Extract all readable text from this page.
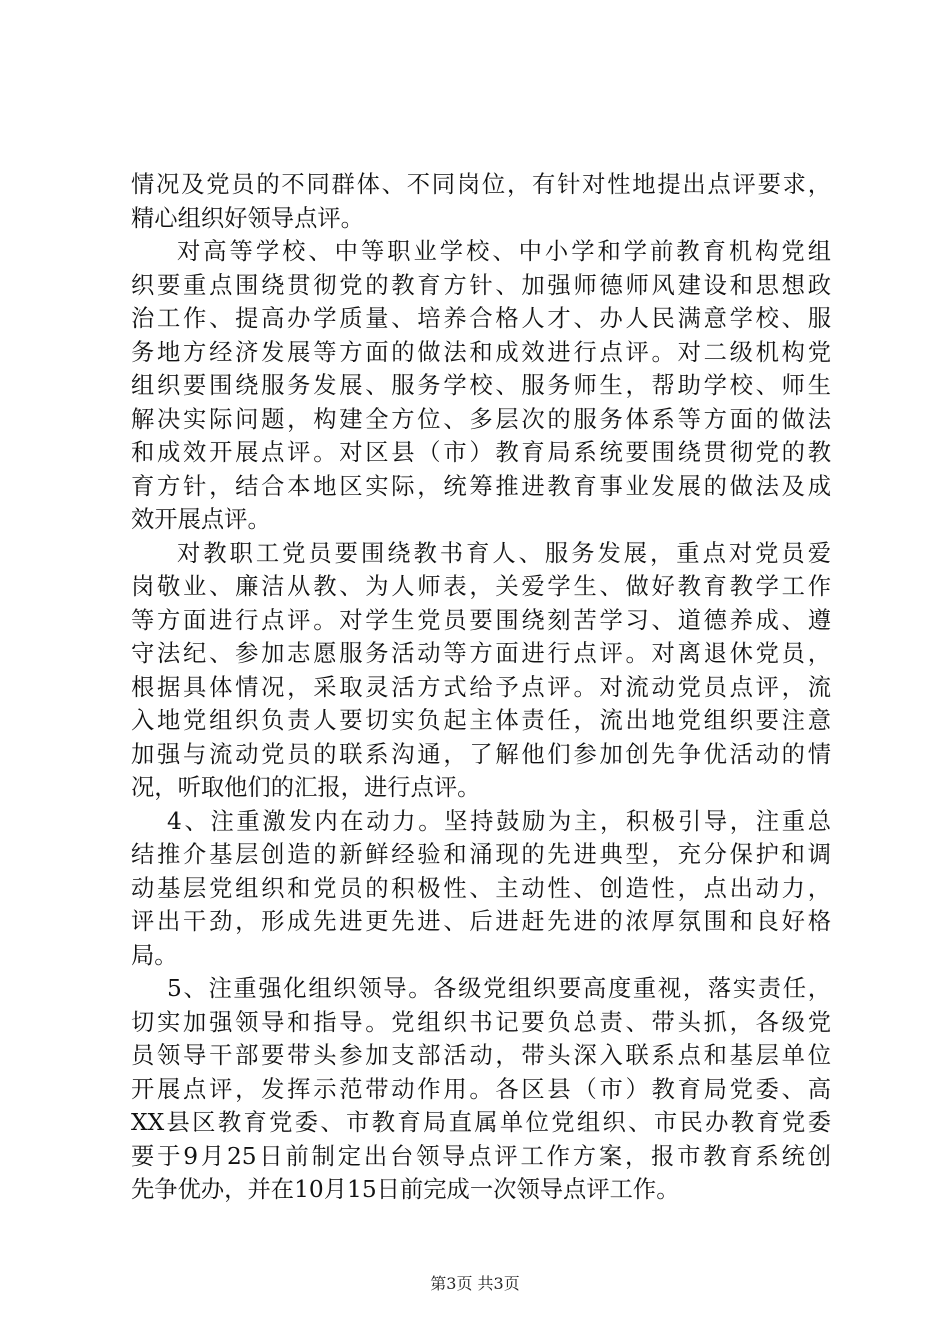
情况及党员的不同群体、不同岗位，有针对性地提出点评要求，
精心组织好领导点评。
对高等学校、中等职业学校、中小学和学前教育机构党组
织要重点围绕贯彻党的教育方针、加强师德师风建设和思想政
治工作、提高办学质量、培养合格人才、办人民满意学校、服
务地方经济发展等方面的做法和成效进行点评。对二级机构党
组织要围绕服务发展、服务学校、服务师生，帮助学校、师生
解决实际问题，构建全方位、多层次的服务体系等方面的做法
和成效开展点评。对区县（市）教育局系统要围绕贯彻党的教
育方针，结合本地区实际，统筹推进教育事业发展的做法及成
效开展点评。
对教职工党员要围绕教书育人、服务发展，重点对党员爱
岗敬业、廉洁从教、为人师表，关爱学生、做好教育教学工作
等方面进行点评。对学生党员要围绕刻苦学习、道德养成、遵
守法纪、参加志愿服务活动等方面进行点评。对离退休党员，
根据具体情况，采取灵活方式给予点评。对流动党员点评，流
入地党组织负责人要切实负起主体责任，流出地党组织要注意
加强与流动党员的联系沟通，了解他们参加创先争优活动的情
况，听取他们的汇报，进行点评。
4、注重激发内在动力。坚持鼓励为主，积极引导，注重总
结推介基层创造的新鲜经验和涌现的先进典型，充分保护和调
动基层党组织和党员的积极性、主动性、创造性，点出动力，
评出干劲，形成先进更先进、后进赶先进的浓厚氛围和良好格
局。
5、注重强化组织领导。各级党组织要高度重视，落实责任，
切实加强领导和指导。党组织书记要负总责、带头抓，各级党
员领导干部要带头参加支部活动，带头深入联系点和基层单位
开展点评，发挥示范带动作用。各区县（市）教育局党委、高
XX县区教育党委、市教育局直属单位党组织、市民办教育党委
要于9月25日前制定出台领导点评工作方案，报市教育系统创
先争优办，并在10月15日前完成一次领导点评工作。
第3页 共3页
